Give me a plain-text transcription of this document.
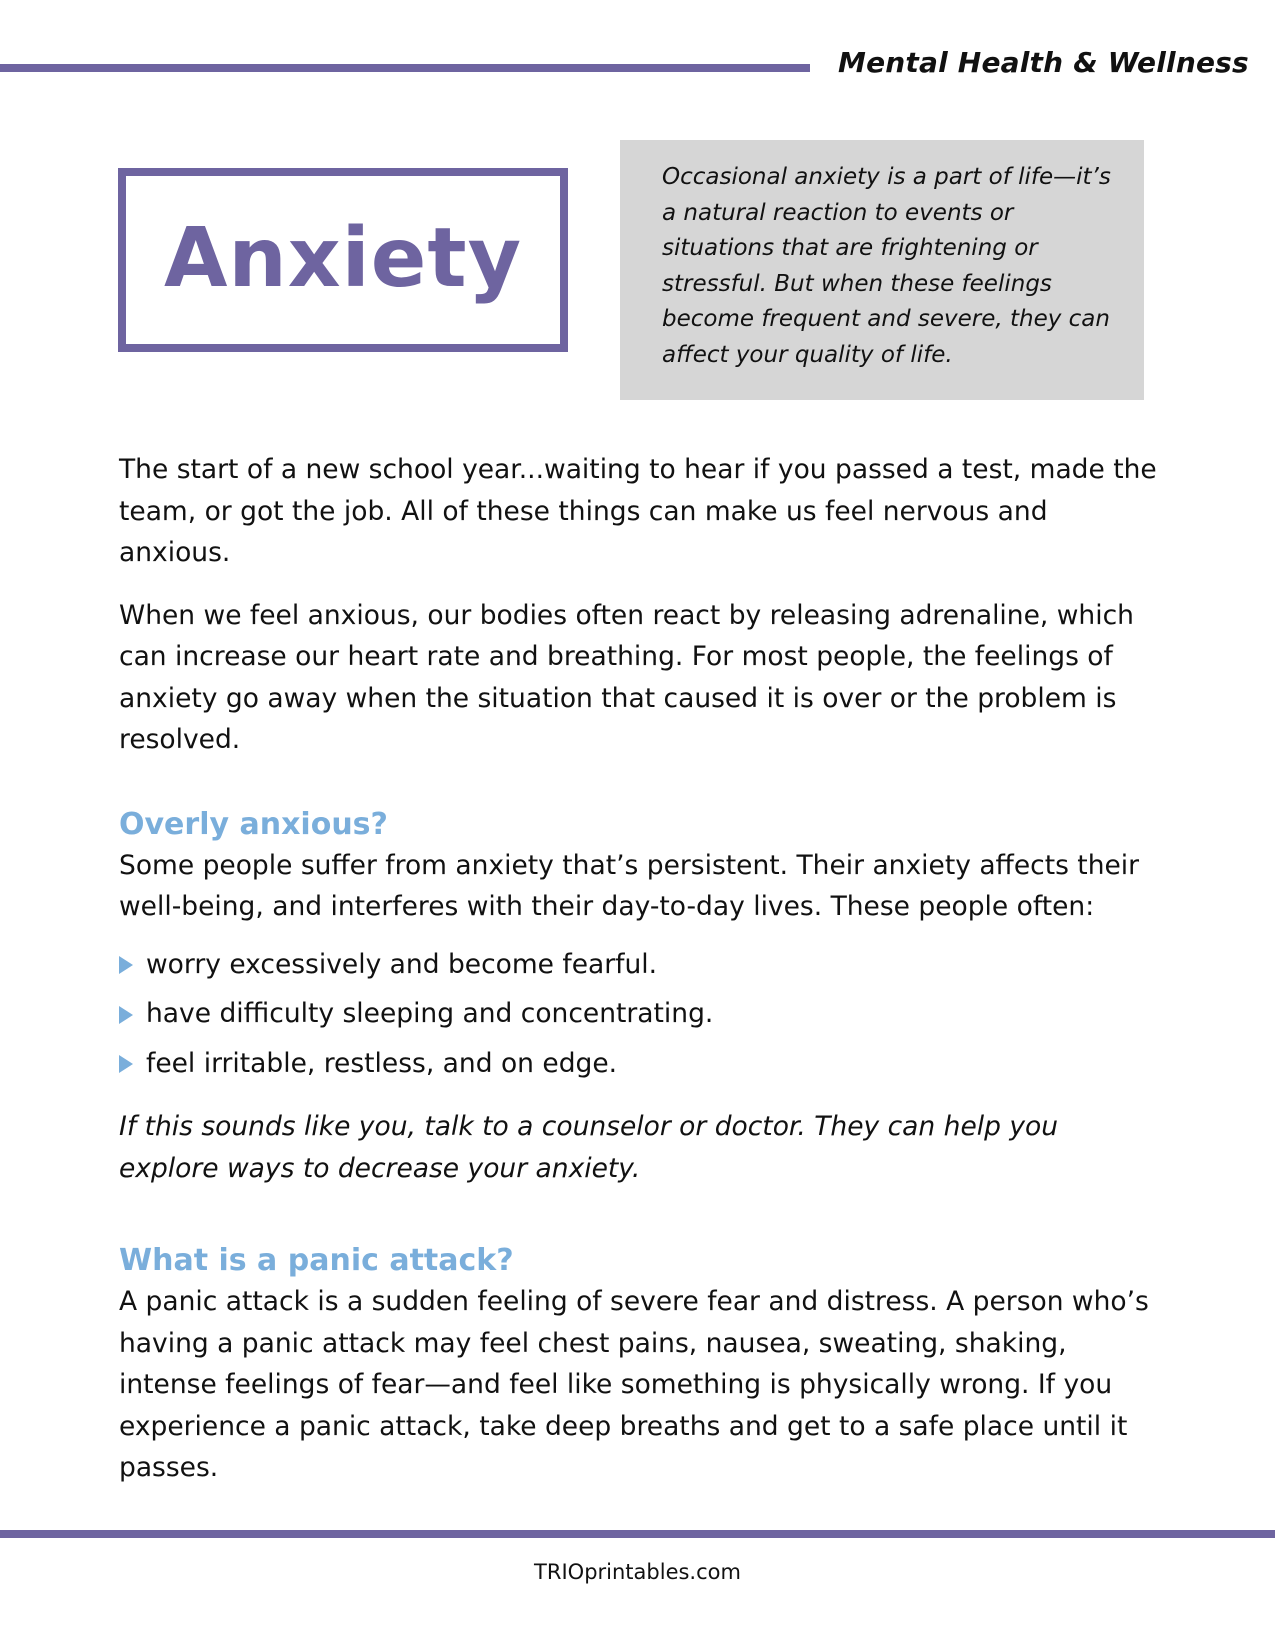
Mental Health & Wellness
Anxiety
Occasional anxiety is a part of life—it’s a natural reaction to events or situations that are frightening or stressful. But when these feelings become frequent and severe, they can affect your quality of life.

The start of a new school year...waiting to hear if you passed a test, made the team, or got the job. All of these things can make us feel nervous and anxious.

When we feel anxious, our bodies often react by releasing adrenaline, which can increase our heart rate and breathing. For most people, the feelings of anxiety go away when the situation that caused it is over or the problem is resolved.

Overly anxious?

Some people suffer from anxiety that’s persistent. Their anxiety affects their well-being, and interferes with their day-to-day lives. These people often:

worry excessively and become fearful.
have difficulty sleeping and concentrating.
feel irritable, restless, and on edge.

If this sounds like you, talk to a counselor or doctor. They can help you explore ways to decrease your anxiety.

What is a panic attack?

A panic attack is a sudden feeling of severe fear and distress. A person who’s having a panic attack may feel chest pains, nausea, sweating, shaking, intense feelings of fear—and feel like something is physically wrong. If you experience a panic attack, take deep breaths and get to a safe place until it passes.

TRIOprintables.com
